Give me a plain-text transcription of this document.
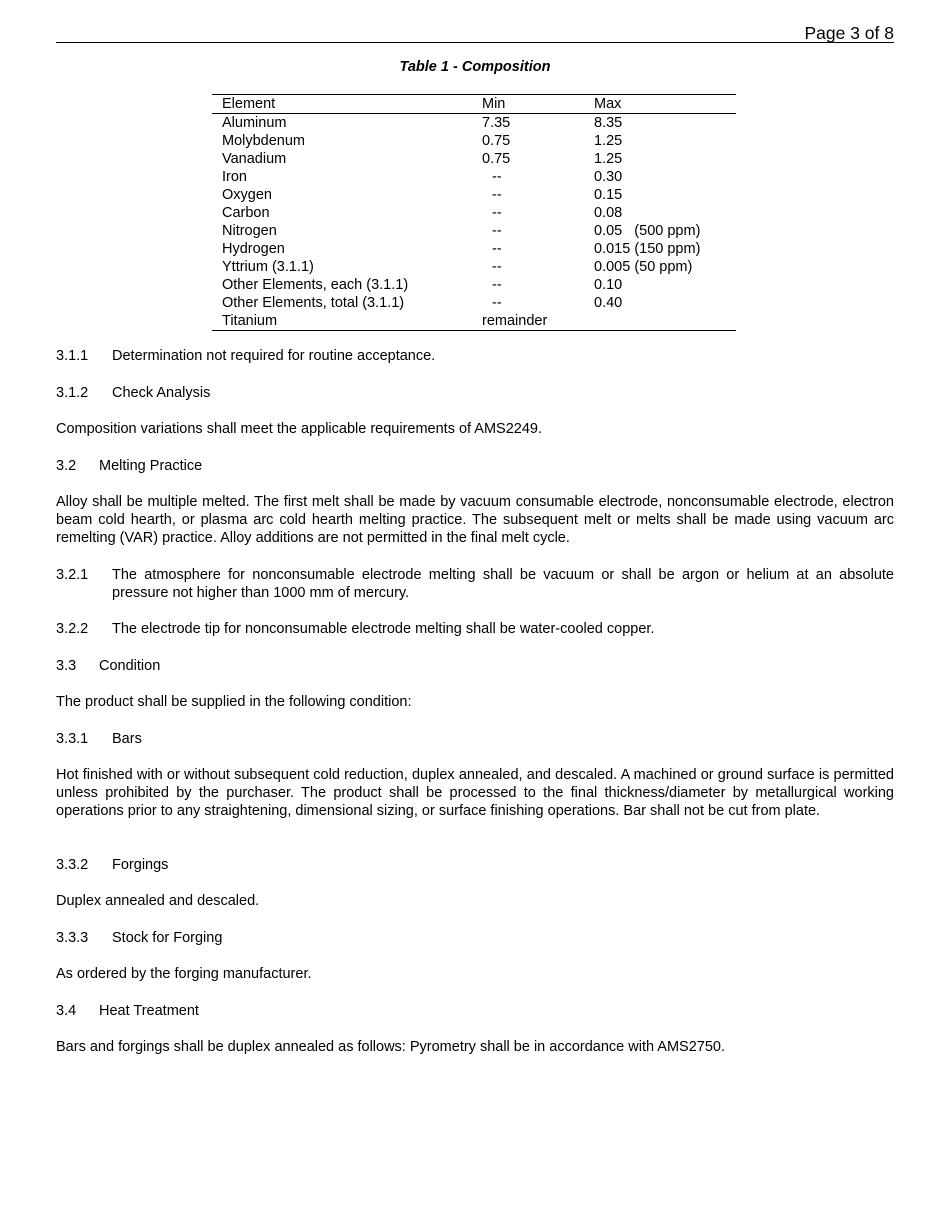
Page 3 of 8
Table 1 - Composition
Element	Min	Max
Aluminum	7.35	8.35
Molybdenum	0.75	1.25
Vanadium	0.75	1.25
Iron	--	0.30
Oxygen	--	0.15
Carbon	--	0.08
Nitrogen	--	0.05   (500 ppm)
Hydrogen	--	0.015 (150 ppm)
Yttrium (3.1.1)	--	0.005 (50 ppm)
Other Elements, each (3.1.1)	--	0.10
Other Elements, total (3.1.1)	--	0.40
Titanium	remainder
3.1.1 Determination not required for routine acceptance.
3.1.2 Check Analysis
Composition variations shall meet the applicable requirements of AMS2249.
3.2 Melting Practice
Alloy shall be multiple melted. The first melt shall be made by vacuum consumable electrode, nonconsumable electrode, electron beam cold hearth, or plasma arc cold hearth melting practice. The subsequent melt or melts shall be made using vacuum arc remelting (VAR) practice. Alloy additions are not permitted in the final melt cycle.
3.2.1 The atmosphere for nonconsumable electrode melting shall be vacuum or shall be argon or helium at an absolute pressure not higher than 1000 mm of mercury.
3.2.2 The electrode tip for nonconsumable electrode melting shall be water-cooled copper.
3.3 Condition
The product shall be supplied in the following condition:
3.3.1 Bars
Hot finished with or without subsequent cold reduction, duplex annealed, and descaled. A machined or ground surface is permitted unless prohibited by the purchaser. The product shall be processed to the final thickness/diameter by metallurgical working operations prior to any straightening, dimensional sizing, or surface finishing operations. Bar shall not be cut from plate.
3.3.2 Forgings
Duplex annealed and descaled.
3.3.3 Stock for Forging
As ordered by the forging manufacturer.
3.4 Heat Treatment
Bars and forgings shall be duplex annealed as follows: Pyrometry shall be in accordance with AMS2750.
